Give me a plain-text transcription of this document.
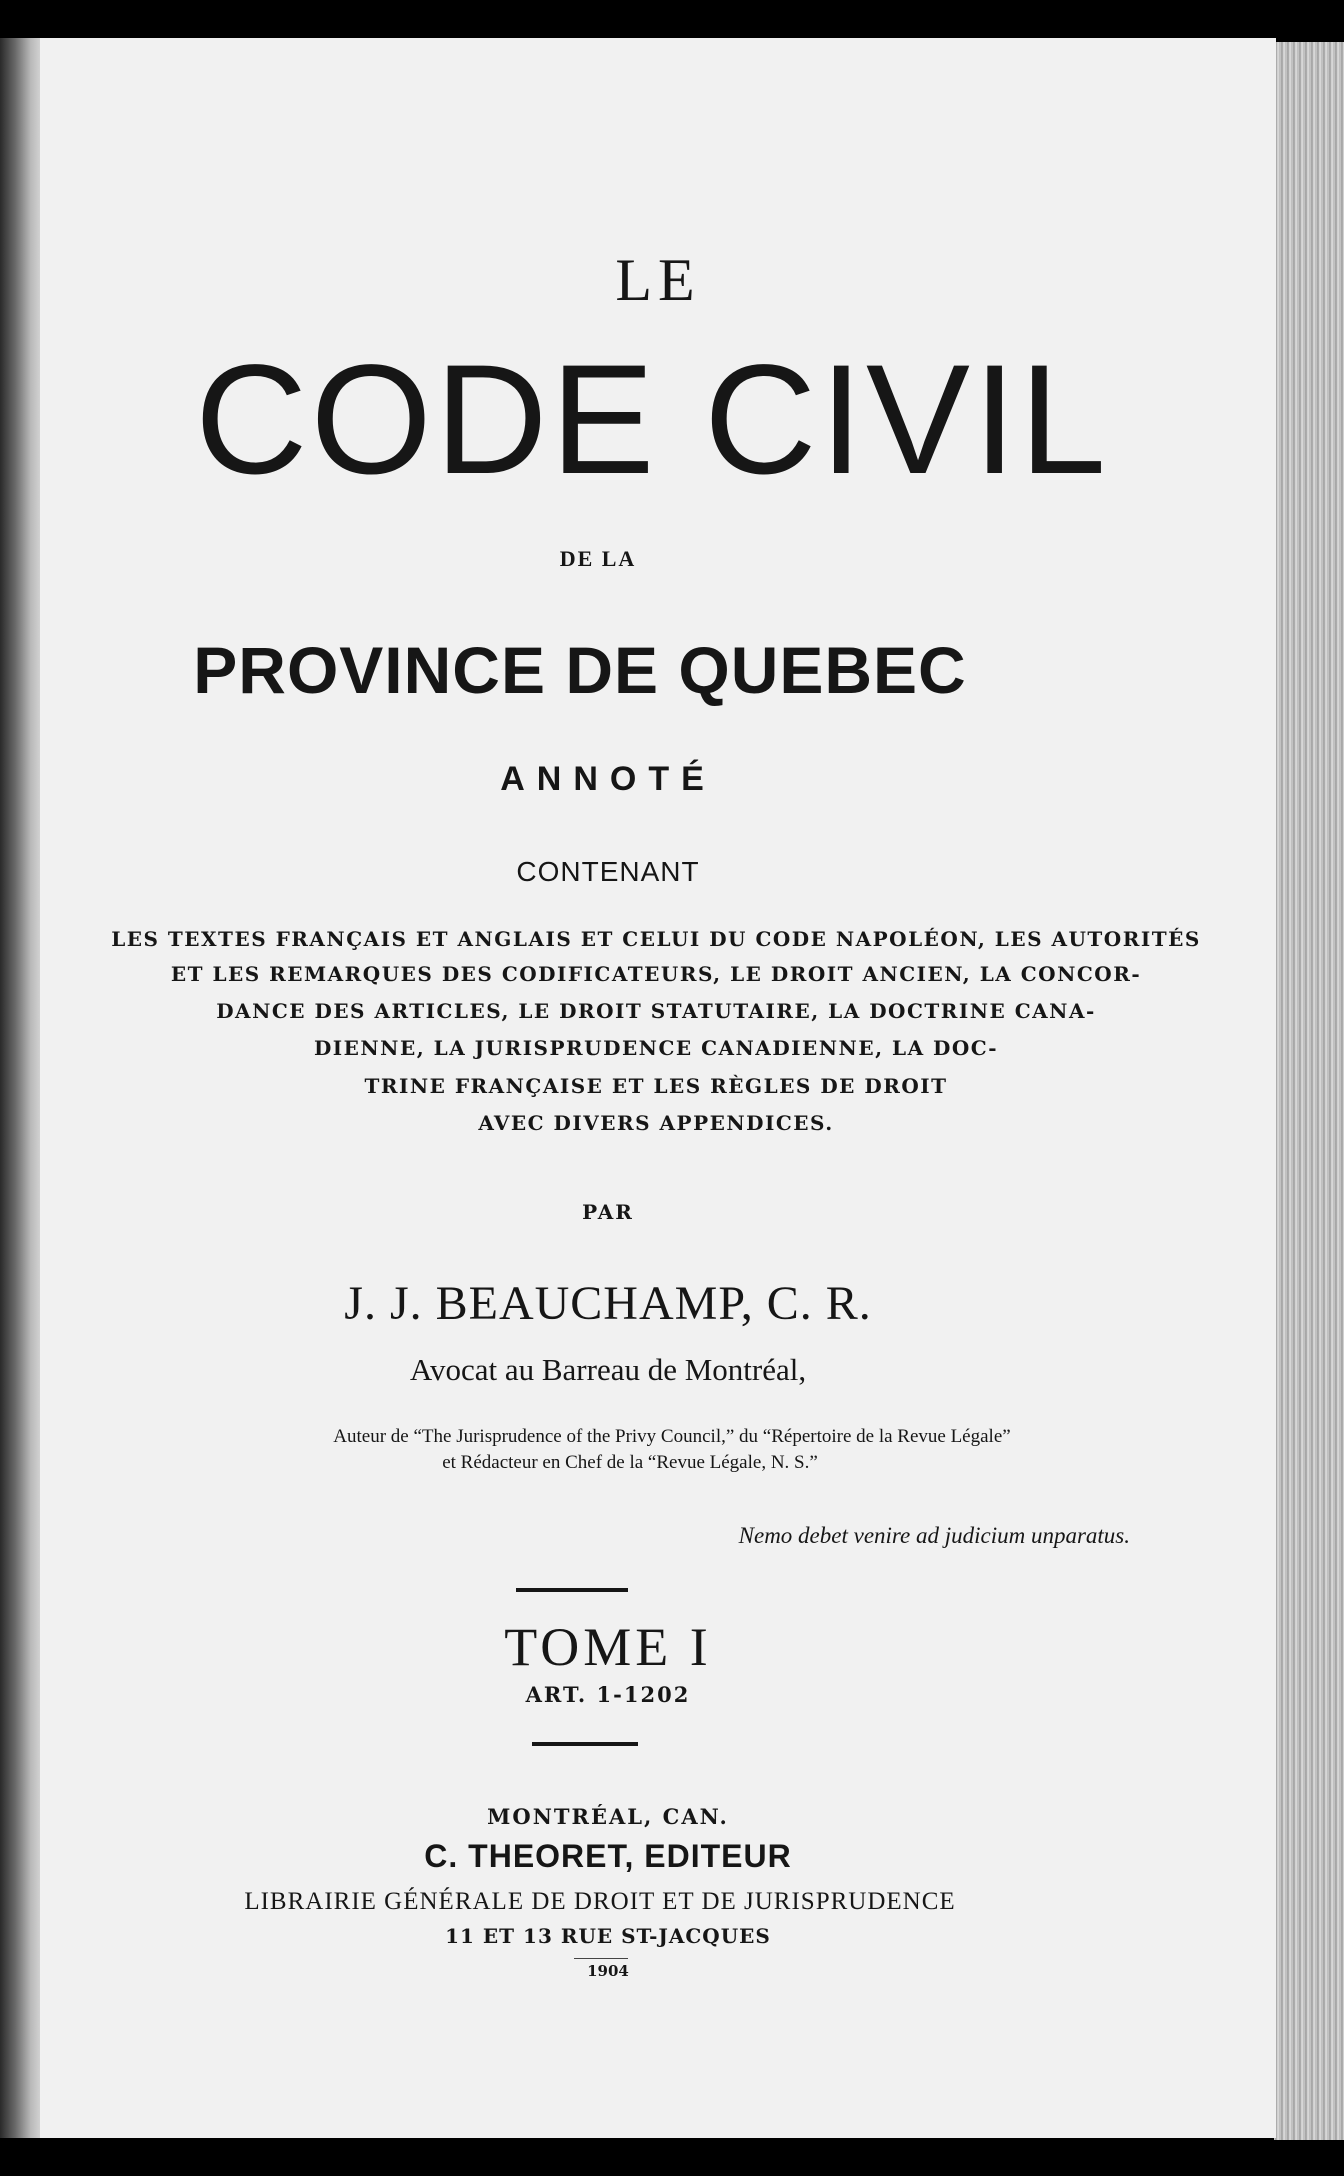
LE

CODE CIVIL

DE LA

PROVINCE DE QUEBEC

ANNOTÉ

CONTENANT

LES TEXTES FRANÇAIS ET ANGLAIS ET CELUI DU CODE NAPOLÉON, LES AUTORITÉS

ET LES REMARQUES DES CODIFICATEURS, LE DROIT ANCIEN, LA CONCOR-

DANCE DES ARTICLES, LE DROIT STATUTAIRE, LA DOCTRINE CANA-

DIENNE, LA JURISPRUDENCE CANADIENNE, LA DOC-

TRINE FRANÇAISE ET LES RÈGLES DE DROIT

AVEC DIVERS APPENDICES.

PAR

J. J. BEAUCHAMP, C. R.

Avocat au Barreau de Montréal,

Auteur de “The Jurisprudence of the Privy Council,” du “Répertoire de la Revue Légale”

et Rédacteur en Chef de la “Revue Légale, N. S.”

Nemo debet venire ad judicium unparatus.

TOME I

ART. 1-1202

MONTRÉAL, CAN.

C. THEORET, EDITEUR

LIBRAIRIE GÉNÉRALE DE DROIT ET DE JURISPRUDENCE

11 ET 13 RUE ST-JACQUES

1904
